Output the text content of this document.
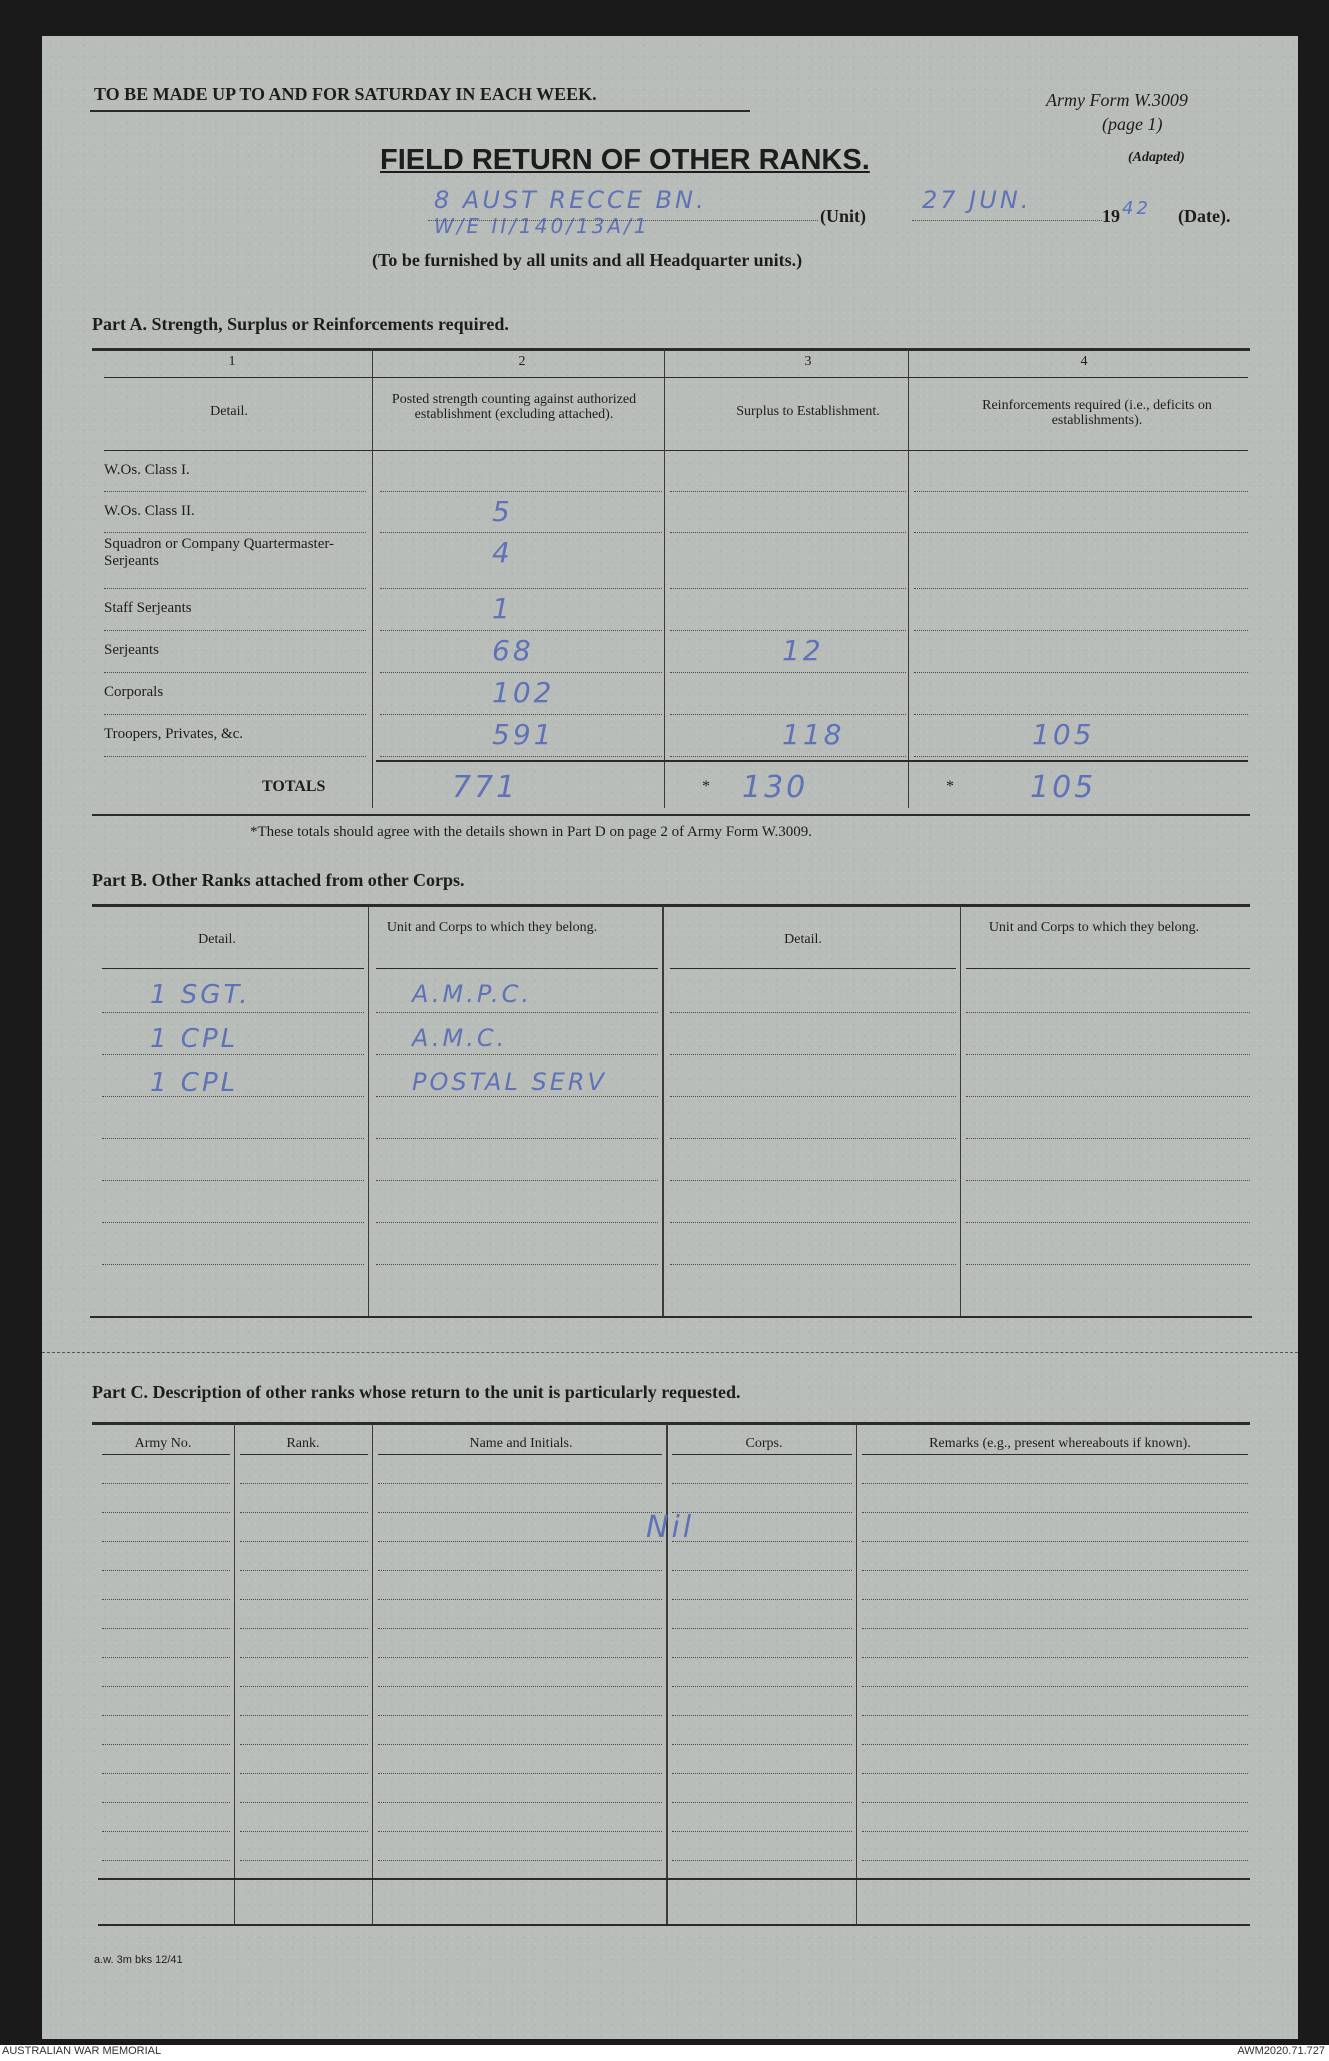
TO BE MADE UP TO AND FOR SATURDAY IN EACH WEEK.	Army Form W.3009
(page 1)
(Adapted)
FIELD RETURN OF OTHER RANKS.
8 AUST RECCE BN.
W/E II/140/13A/1	(Unit)
27 JUN.
19 42 (Date).
(To be furnished by all units and all Headquarter units.)
Part A. Strength, Surplus or Reinforcements required.
1	2	3	4
Detail.
Posted strength counting against authorized establishment (excluding attached).	Surplus to Establishment.	Reinforcements required (i.e., deficits on establishments).
W.Os. Class I.
W.Os. Class II.	5
Squadron or Company Quartermaster-Serjeants	4
Staff Serjeants	1
Serjeants	68	12
Corporals	102
Troopers, Privates, &c.	591	118	105
TOTALS	771	* 130	*	105
*These totals should agree with the details shown in Part D on page 2 of Army Form W.3009.
Part B. Other Ranks attached from other Corps.
Detail.
Unit and Corps to which they belong.
Detail.
Unit and Corps to which they belong.
1 SGT.	A.M.P.C.
1 CPL	A.M.C.
1 CPL	POSTAL SERV
Part C. Description of other ranks whose return to the unit is particularly requested.
Army No.	Rank.	Name and Initials.	Corps.	Remarks (e.g., present whereabouts if known).
Nil
a.w. 3m bks 12/41
AUSTRALIAN WAR MEMORIAL	AWM2020.71.727
